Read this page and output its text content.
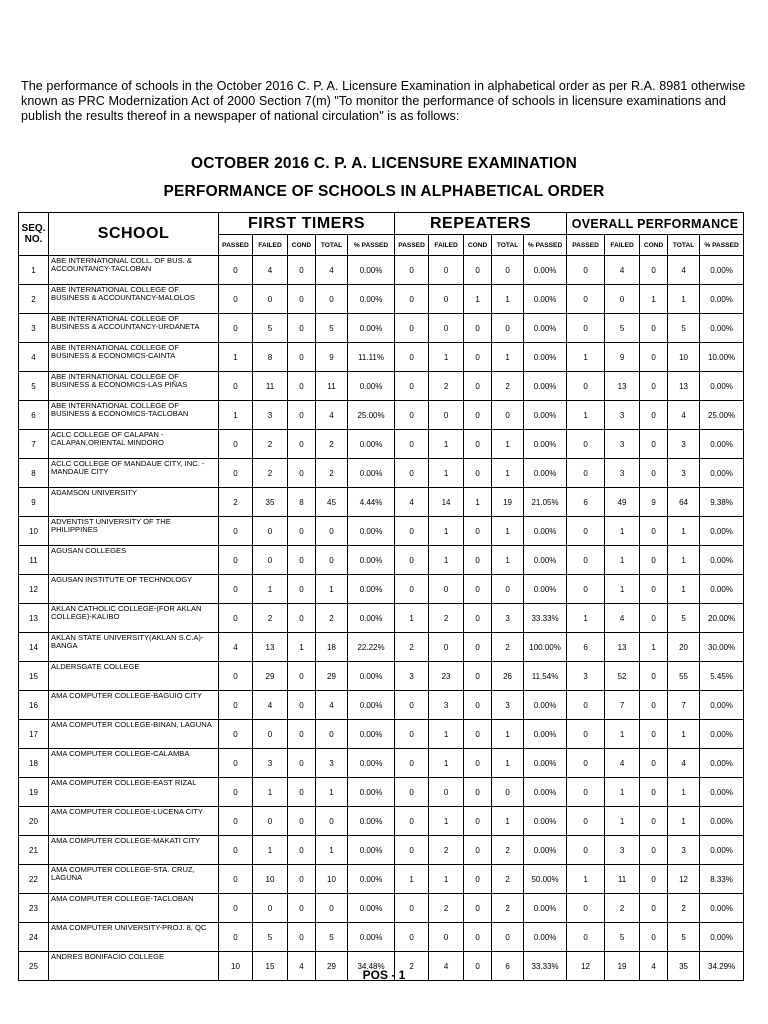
The performance of schools in the October 2016 C. P. A. Licensure Examination in alphabetical order as per R.A. 8981 otherwise known as PRC Modernization Act of 2000 Section 7(m) "To monitor the performance of schools in licensure examinations and publish the results thereof in a newspaper of national circulation" is as follows:
OCTOBER 2016 C. P. A. LICENSURE EXAMINATION
PERFORMANCE OF SCHOOLS IN ALPHABETICAL ORDER
SEQ. NO.	SCHOOL	FIRST TIMERS					REPEATERS					OVERALL PERFORMANCE				
		PASSED	FAILED	COND	TOTAL	% PASSED	PASSED	FAILED	COND	TOTAL	% PASSED	PASSED	FAILED	COND	TOTAL	% PASSED
1	ABE INTERNATIONAL COLL. OF BUS. & ACCOUNTANCY-TACLOBAN	0	4	0	4	0.00%	0	0	0	0	0.00%	0	4	0	4	0.00%
2	ABE INTERNATIONAL COLLEGE OF BUSINESS & ACCOUNTANCY-MALOLOS	0	0	0	0	0.00%	0	0	1	1	0.00%	0	0	1	1	0.00%
3	ABE INTERNATIONAL COLLEGE OF BUSINESS & ACCOUNTANCY-URDANETA	0	5	0	5	0.00%	0	0	0	0	0.00%	0	5	0	5	0.00%
4	ABE INTERNATIONAL COLLEGE OF BUSINESS & ECONOMICS-CAINTA	1	8	0	9	11.11%	0	1	0	1	0.00%	1	9	0	10	10.00%
5	ABE INTERNATIONAL COLLEGE OF BUSINESS & ECONOMICS-LAS PIÑAS	0	11	0	11	0.00%	0	2	0	2	0.00%	0	13	0	13	0.00%
6	ABE INTERNATIONAL COLLEGE OF BUSINESS & ECONOMICS-TACLOBAN	1	3	0	4	25.00%	0	0	0	0	0.00%	1	3	0	4	25.00%
7	ACLC COLLEGE OF CALAPAN - CALAPAN,ORIENTAL MINDORO	0	2	0	2	0.00%	0	1	0	1	0.00%	0	3	0	3	0.00%
8	ACLC COLLEGE OF MANDAUE CITY, INC. - MANDAUE CITY	0	2	0	2	0.00%	0	1	0	1	0.00%	0	3	0	3	0.00%
9	ADAMSON UNIVERSITY	2	35	8	45	4.44%	4	14	1	19	21.05%	6	49	9	64	9.38%
10	ADVENTIST UNIVERSITY OF THE PHILIPPINES	0	0	0	0	0.00%	0	1	0	1	0.00%	0	1	0	1	0.00%
11	AGUSAN COLLEGES	0	0	0	0	0.00%	0	1	0	1	0.00%	0	1	0	1	0.00%
12	AGUSAN INSTITUTE OF TECHNOLOGY	0	1	0	1	0.00%	0	0	0	0	0.00%	0	1	0	1	0.00%
13	AKLAN CATHOLIC COLLEGE-(FOR AKLAN COLLEGE)-KALIBO	0	2	0	2	0.00%	1	2	0	3	33.33%	1	4	0	5	20.00%
14	AKLAN STATE UNIVERSITY(AKLAN S.C.A)-BANGA	4	13	1	18	22.22%	2	0	0	2	100.00%	6	13	1	20	30.00%
15	ALDERSGATE COLLEGE	0	29	0	29	0.00%	3	23	0	26	11.54%	3	52	0	55	5.45%
16	AMA COMPUTER COLLEGE-BAGUIO CITY	0	4	0	4	0.00%	0	3	0	3	0.00%	0	7	0	7	0.00%
17	AMA COMPUTER COLLEGE-BINAN, LAGUNA	0	0	0	0	0.00%	0	1	0	1	0.00%	0	1	0	1	0.00%
18	AMA COMPUTER COLLEGE-CALAMBA	0	3	0	3	0.00%	0	1	0	1	0.00%	0	4	0	4	0.00%
19	AMA COMPUTER COLLEGE-EAST RIZAL	0	1	0	1	0.00%	0	0	0	0	0.00%	0	1	0	1	0.00%
20	AMA COMPUTER COLLEGE-LUCENA CITY	0	0	0	0	0.00%	0	1	0	1	0.00%	0	1	0	1	0.00%
21	AMA COMPUTER COLLEGE-MAKATI CITY	0	1	0	1	0.00%	0	2	0	2	0.00%	0	3	0	3	0.00%
22	AMA COMPUTER COLLEGE-STA. CRUZ, LAGUNA	0	10	0	10	0.00%	1	1	0	2	50.00%	1	11	0	12	8.33%
23	AMA COMPUTER COLLEGE-TACLOBAN	0	0	0	0	0.00%	0	2	0	2	0.00%	0	2	0	2	0.00%
24	AMA COMPUTER UNIVERSITY-PROJ. 8, QC	0	5	0	5	0.00%	0	0	0	0	0.00%	0	5	0	5	0.00%
25	ANDRES BONIFACIO COLLEGE	10	15	4	29	34.48%	2	4	0	6	33.33%	12	19	4	35	34.29%
POS - 1
